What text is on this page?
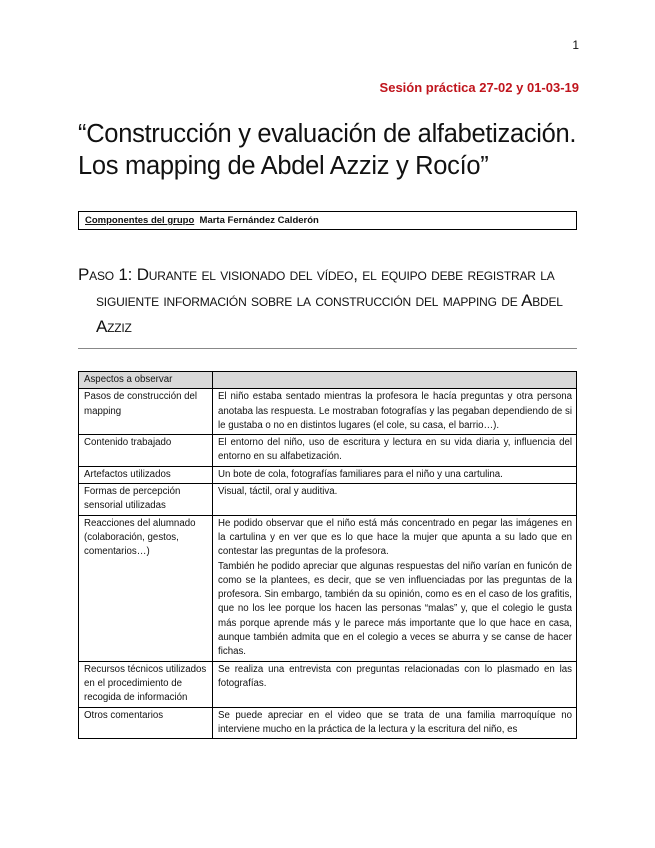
1
Sesión práctica 27-02 y 01-03-19
“Construcción y evaluación de alfabetización.
Los mapping de Abdel Azziz y Rocío”
Componentes del grupo Marta Fernández Calderón
Paso 1: Durante el visionado del vídeo, el equipo debe registrar la
siguiente información sobre la construcción del mapping de Abdel
Azziz
Aspectos a observar	
Pasos de construcción del mapping	El niño estaba sentado mientras la profesora le hacía preguntas y otra persona anotaba las respuesta. Le mostraban fotografías y las pegaban dependiendo de si le gustaba o no en distintos lugares (el cole, su casa, el barrio…).

Contenido trabajado	El entorno del niño, uso de escritura y lectura en su vida diaria y, influencia del entorno en su alfabetización.

Artefactos utilizados	Un bote de cola, fotografías familiares para el niño y una cartulina.

Formas de percepción sensorial utilizadas	Visual, táctil, oral y auditiva.

Reacciones del alumnado (colaboración, gestos, comentarios…)	He podido observar que el niño está más concentrado en pegar las imágenes en la cartulina y en ver que es lo que hace la mujer que apunta a su lado que en contestar las preguntas de la profesora.

También he podido apreciar que algunas respuestas del niño varían en funicón de como se la plantees, es decir, que se ven influenciadas por las preguntas de la profesora. Sin embargo, también da su opinión, como es en el caso de los grafitis, que no los lee porque los hacen las personas “malas” y, que el colegio le gusta más porque aprende más y le parece más importante que lo que hace en casa, aunque también admita que en el colegio a veces se aburra y se canse de hacer fichas.

Recursos técnicos utilizados en el procedimiento de recogida de información	Se realiza una entrevista con preguntas relacionadas con lo plasmado en las fotografías.

Otros comentarios	Se puede apreciar en el video que se trata de una familia marroquíque no interviene mucho en la práctica de la lectura y la escritura del niño, es
